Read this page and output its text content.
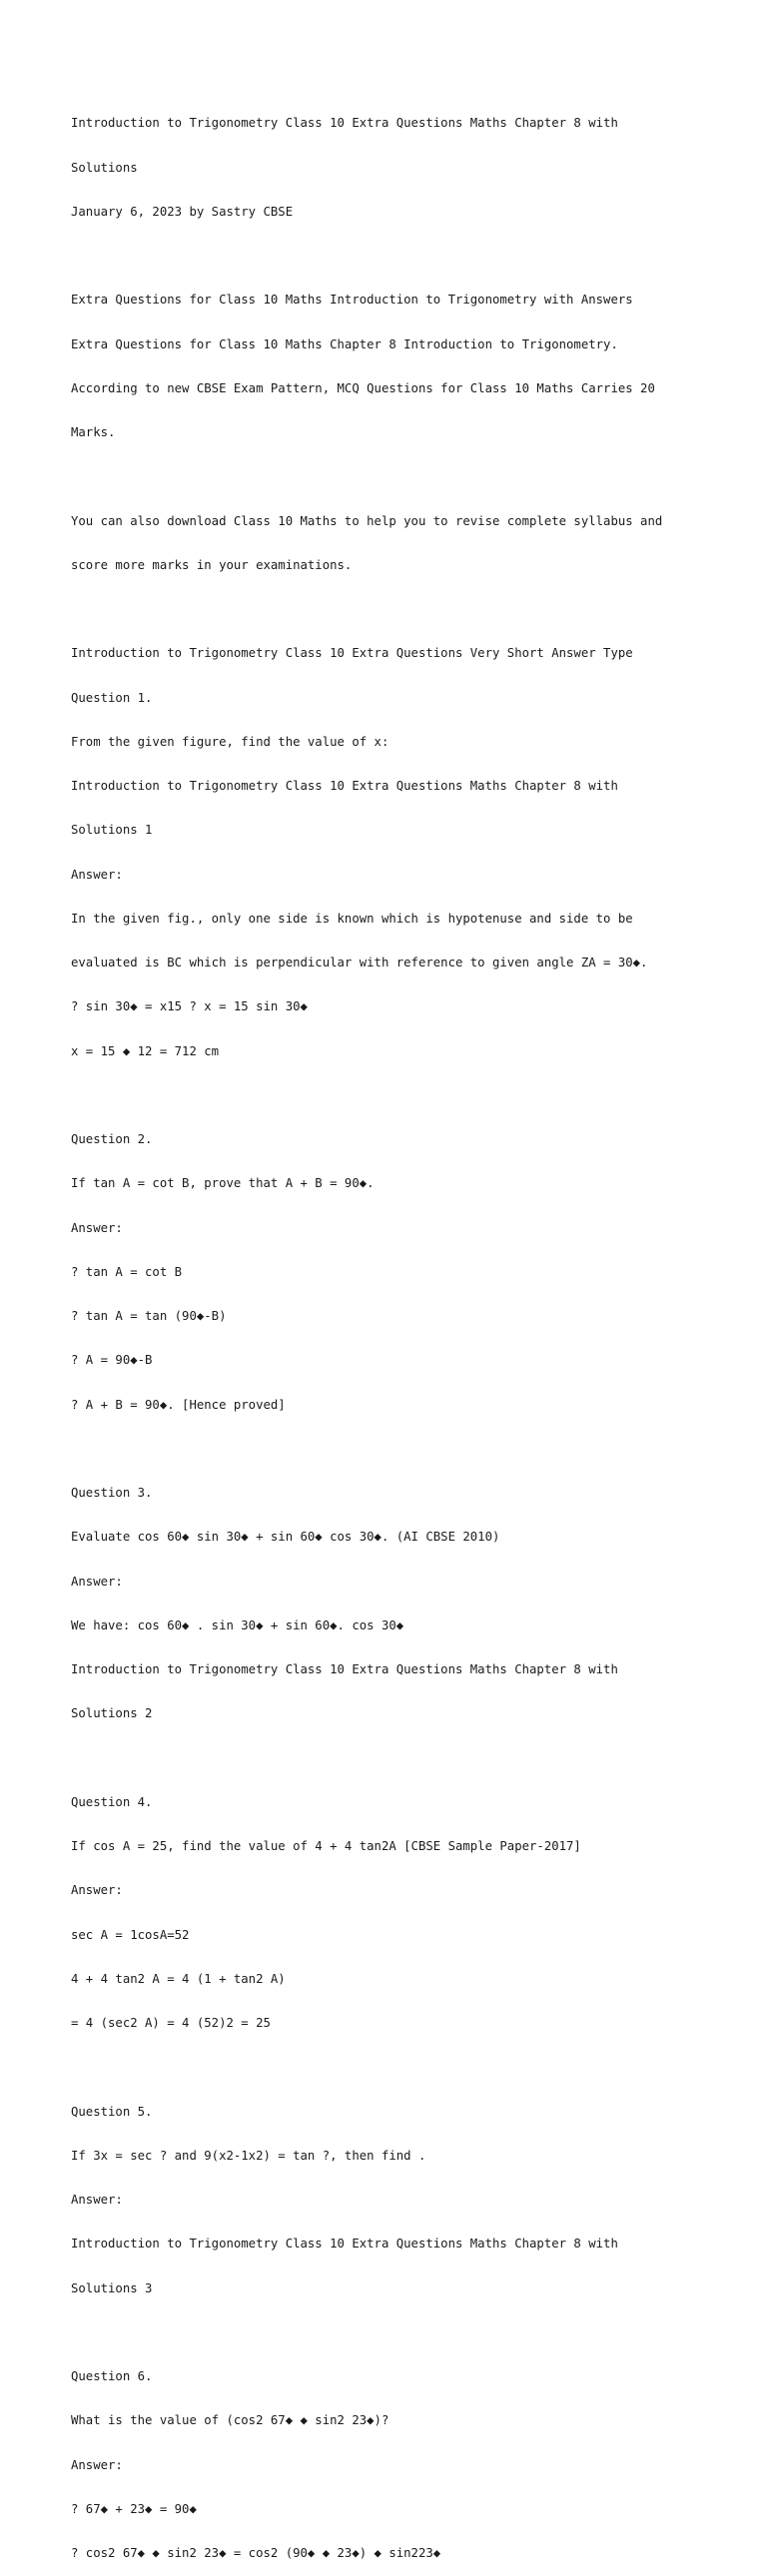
Introduction to Trigonometry Class 10 Extra Questions Maths Chapter 8 with

Solutions

January 6, 2023 by Sastry CBSE

Extra Questions for Class 10 Maths Introduction to Trigonometry with Answers

Extra Questions for Class 10 Maths Chapter 8 Introduction to Trigonometry.

According to new CBSE Exam Pattern, MCQ Questions for Class 10 Maths Carries 20

Marks.

You can also download Class 10 Maths to help you to revise complete syllabus and

score more marks in your examinations.

Introduction to Trigonometry Class 10 Extra Questions Very Short Answer Type

Question 1.

From the given figure, find the value of x:

Introduction to Trigonometry Class 10 Extra Questions Maths Chapter 8 with

Solutions 1

Answer:

In the given fig., only one side is known which is hypotenuse and side to be

evaluated is BC which is perpendicular with reference to given angle ZA = 30◆.

? sin 30◆ = x15 ? x = 15 sin 30◆

x = 15 ◆ 12 = 712 cm

Question 2.

If tan A = cot B, prove that A + B = 90◆.

Answer:

? tan A = cot B

? tan A = tan (90◆-B)

? A = 90◆-B

? A + B = 90◆. [Hence proved]

Question 3.

Evaluate cos 60◆ sin 30◆ + sin 60◆ cos 30◆. (AI CBSE 2010)

Answer:

We have: cos 60◆ . sin 30◆ + sin 60◆. cos 30◆

Introduction to Trigonometry Class 10 Extra Questions Maths Chapter 8 with

Solutions 2

Question 4.

If cos A = 25, find the value of 4 + 4 tan2A [CBSE Sample Paper-2017]

Answer:

sec A = 1cosA=52

4 + 4 tan2 A = 4 (1 + tan2 A)

= 4 (sec2 A) = 4 (52)2 = 25

Question 5.

If 3x = sec ? and 9(x2-1x2) = tan ?, then find .

Answer:

Introduction to Trigonometry Class 10 Extra Questions Maths Chapter 8 with

Solutions 3

Question 6.

What is the value of (cos2 67◆ ◆ sin2 23◆)?

Answer:

? 67◆ + 23◆ = 90◆

? cos2 67◆ ◆ sin2 23◆ = cos2 (90◆ ◆ 23◆) ◆ sin223◆
